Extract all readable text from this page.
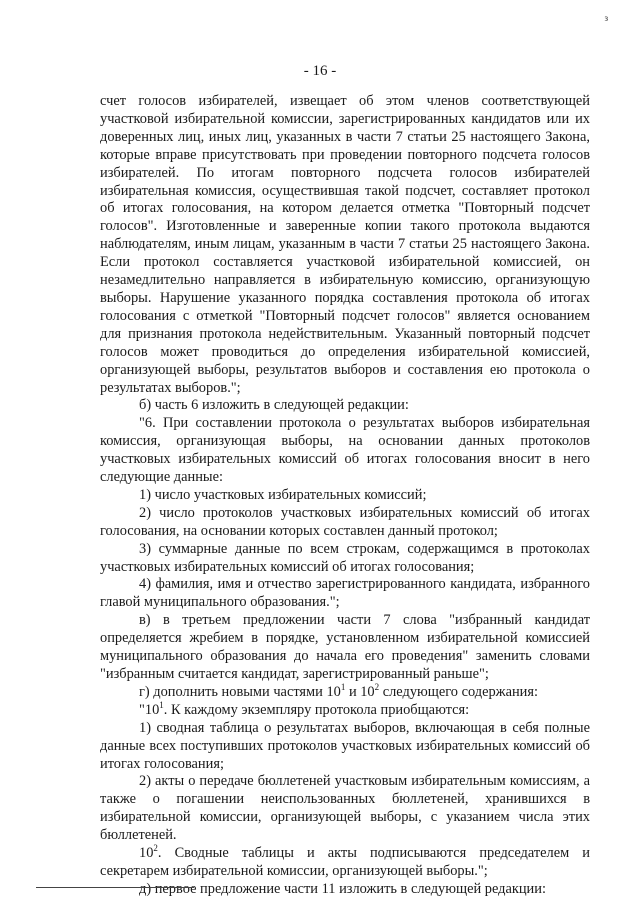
з
- 16 -

счет голосов избирателей, извещает об этом членов соответствующей участковой избирательной комиссии, зарегистрированных кандидатов или их доверенных лиц, иных лиц, указанных в части 7 статьи 25 настоящего Закона, которые вправе присутствовать при проведении повторного подсчета голосов избирателей. По итогам повторного подсчета голосов избирателей избирательная комиссия, осуществившая такой подсчет, составляет протокол об итогах голосования, на котором делается отметка "Повторный подсчет голосов". Изготовленные и заверенные копии такого протокола выдаются наблюдателям, иным лицам, указанным в части 7 статьи 25 настоящего Закона. Если протокол составляется участковой избирательной комиссией, он незамедлительно направляется в избирательную комиссию, организующую выборы. Нарушение указанного порядка составления протокола об итогах голосования с отметкой "Повторный подсчет голосов" является основанием для признания протокола недействительным. Указанный повторный подсчет голосов может проводиться до определения избирательной комиссией, организующей выборы, результатов выборов и составления ею протокола о результатах выборов.";

б) часть 6 изложить в следующей редакции:

"6. При составлении протокола о результатах выборов избирательная комиссия, организующая выборы, на основании данных протоколов участковых избирательных комиссий об итогах голосования вносит в него следующие данные:

1) число участковых избирательных комиссий;

2) число протоколов участковых избирательных комиссий об итогах голосования, на основании которых составлен данный протокол;

3) суммарные данные по всем строкам, содержащимся в протоколах участковых избирательных комиссий об итогах голосования;

4) фамилия, имя и отчество зарегистрированного кандидата, избранного главой муниципального образования.";

в) в третьем предложении части 7 слова "избранный кандидат определяется жребием в порядке, установленном избирательной комиссией муниципального образования до начала его проведения" заменить словами "избранным считается кандидат, зарегистрированный раньше";

г) дополнить новыми частями $10^1$ и $10^2$ следующего содержания:

"$10^1$. К каждому экземпляру протокола приобщаются:

1) сводная таблица о результатах выборов, включающая в себя полные данные всех поступивших протоколов участковых избирательных комиссий об итогах голосования;

2) акты о передаче бюллетеней участковым избирательным комиссиям, а также о погашении неиспользованных бюллетеней, хранившихся в избирательной комиссии, организующей выборы, с указанием числа этих бюллетеней.

$10^2$. Сводные таблицы и акты подписываются председателем и секретарем избирательной комиссии, организующей выборы.";

д) первое предложение части 11 изложить в следующей редакции:
